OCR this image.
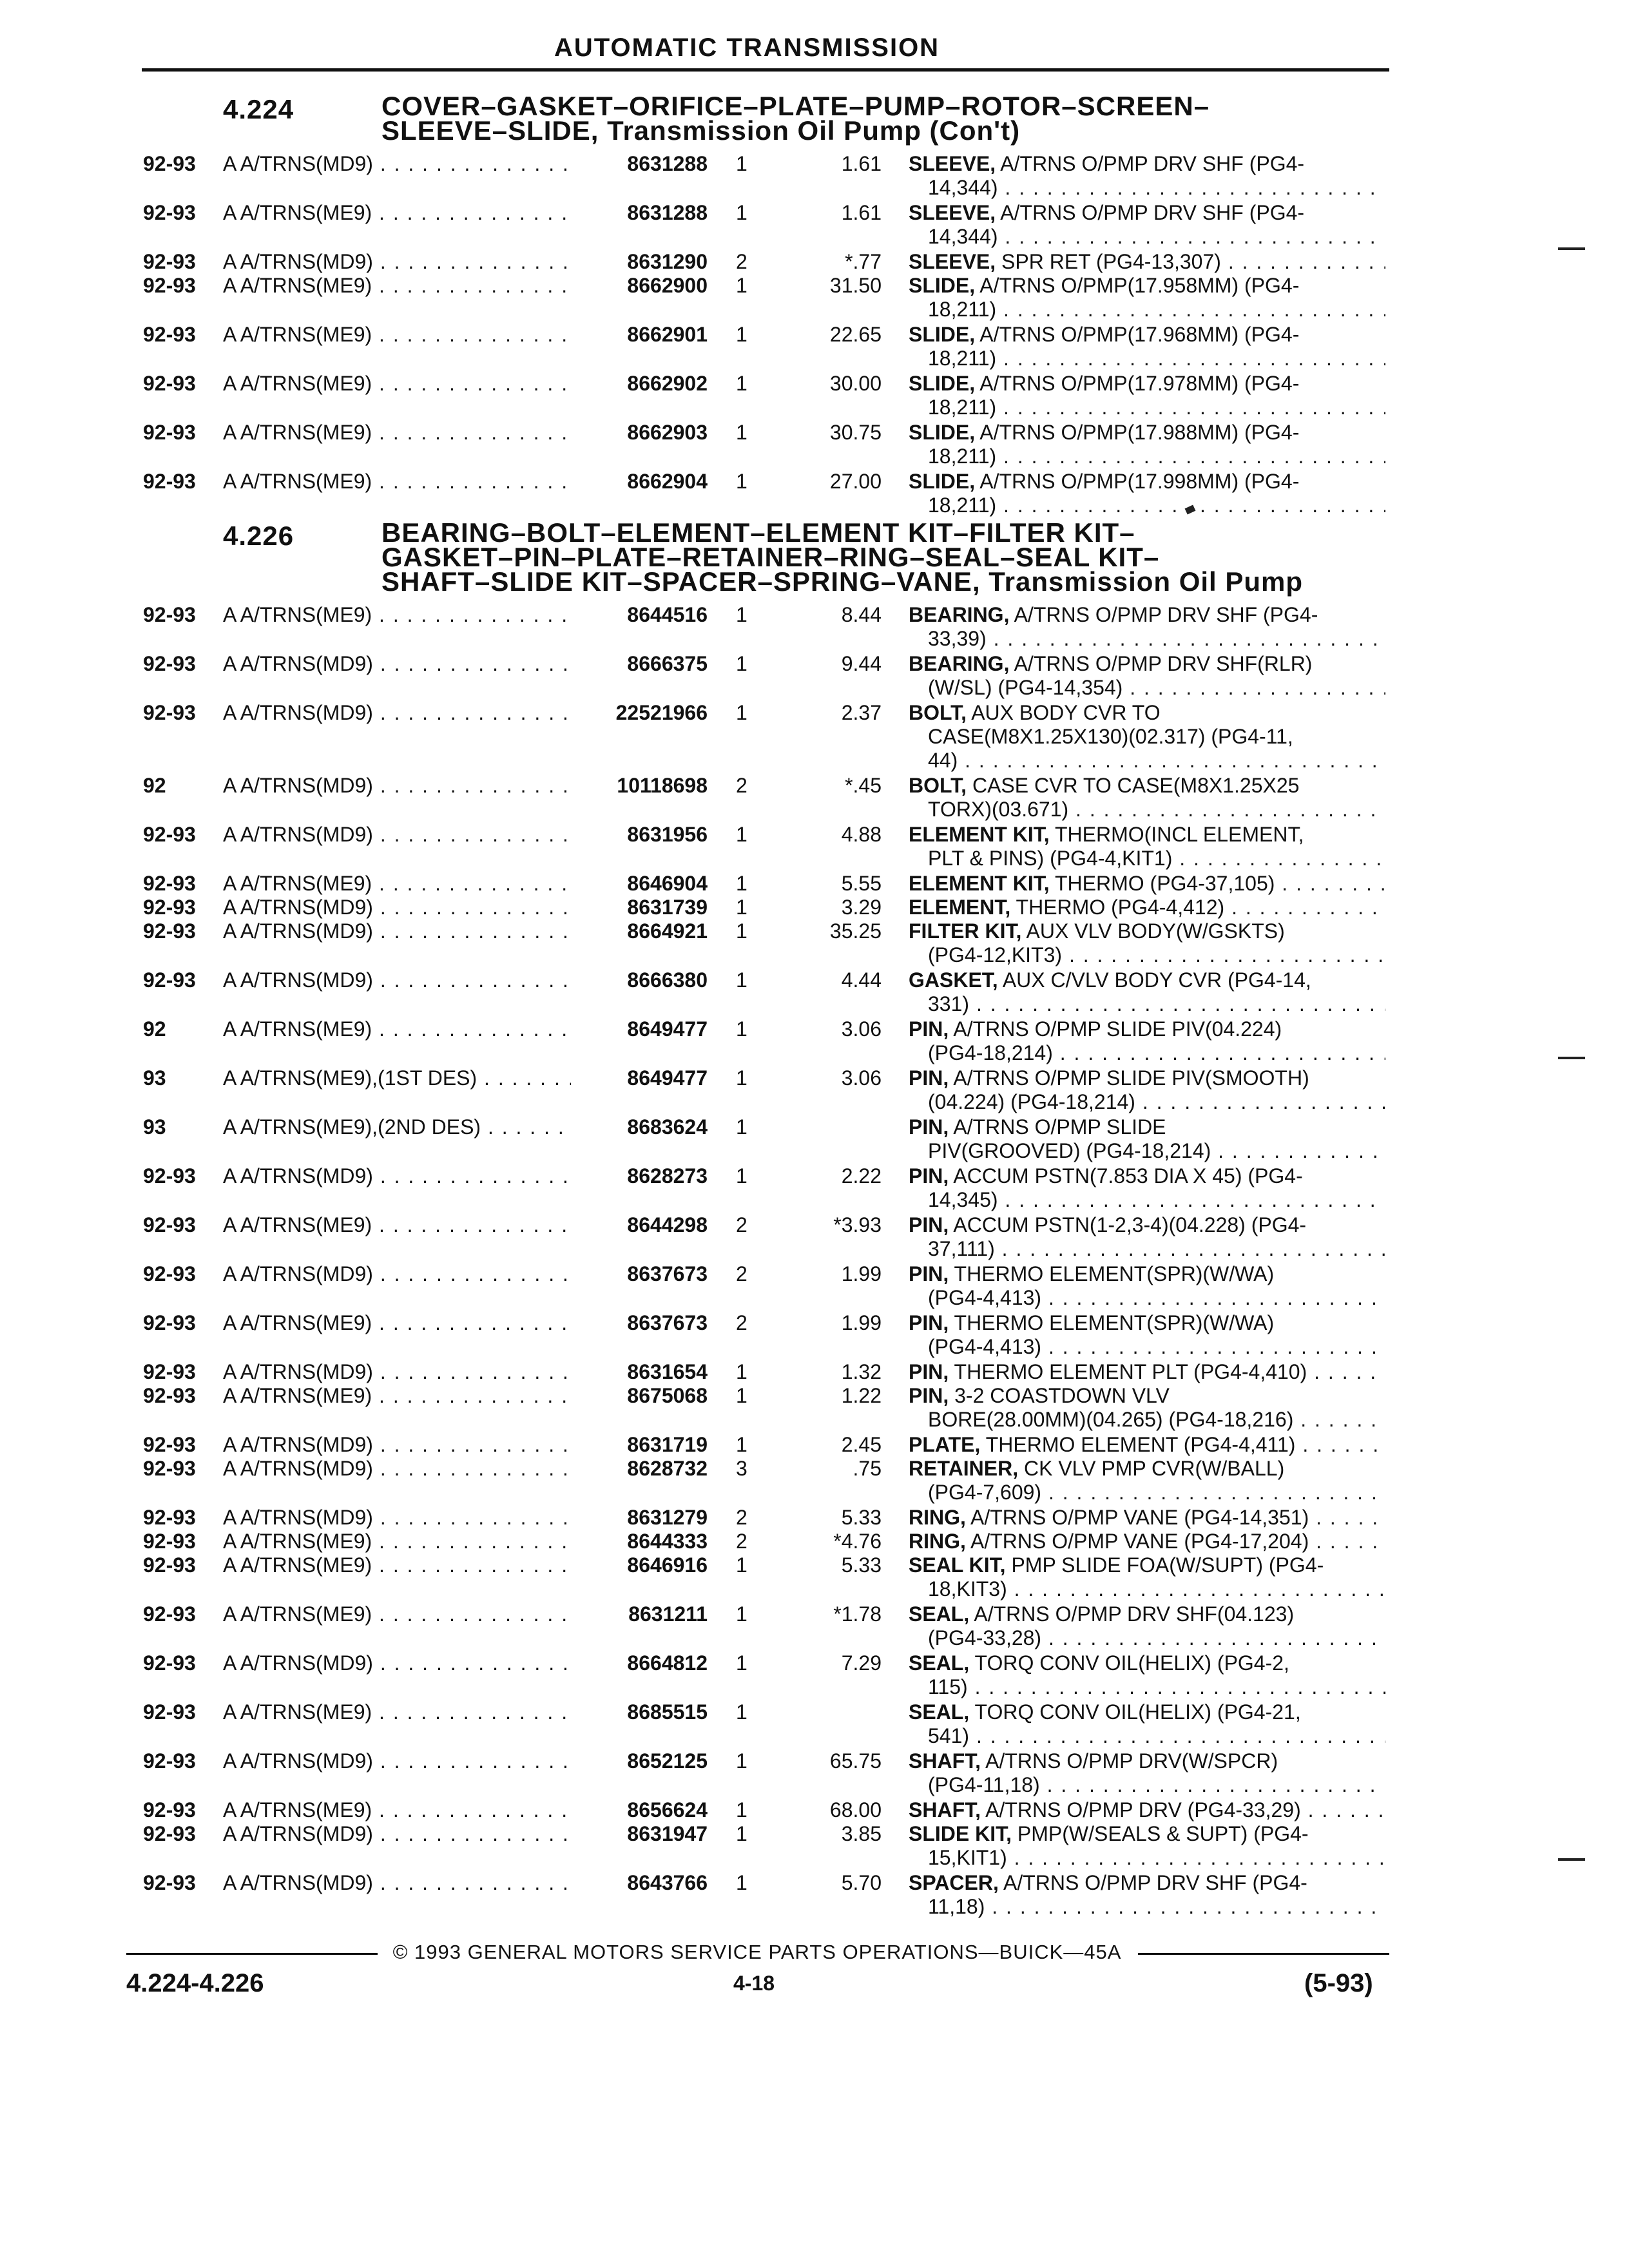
AUTOMATIC TRANSMISSION
4.224	COVER–GASKET–ORIFICE–PLATE–PUMP–ROTOR–SCREEN–
SLEEVE–SLIDE, Transmission Oil Pump (Con't)
92-93 A A/TRNS(MD9) . . .	8631288 1	1.61 SLEEVE, A/TRNS O/PMP DRV SHF (PG4-
14,344) . . .
92-93 A A/TRNS(ME9) . . .	8631288 1	1.61 SLEEVE, A/TRNS O/PMP DRV SHF (PG4-
14,344) . . .
92-93 A A/TRNS(MD9) . . .	8631290 2	*.77 SLEEVE, SPR RET (PG4-13,307) . . .
92-93 A A/TRNS(ME9) . . .	8662900 1	31.50 SLIDE, A/TRNS O/PMP(17.958MM) (PG4-
18,211) . . .
92-93 A A/TRNS(ME9) . . .	8662901 1	22.65 SLIDE, A/TRNS O/PMP(17.968MM) (PG4-
18,211) . . .
92-93 A A/TRNS(ME9) . . .	8662902 1	30.00 SLIDE, A/TRNS O/PMP(17.978MM) (PG4-
18,211) . . .
92-93 A A/TRNS(ME9) . . .	8662903 1	30.75 SLIDE, A/TRNS O/PMP(17.988MM) (PG4-
18,211) . . .
92-93 A A/TRNS(ME9) . . .	8662904 1	27.00 SLIDE, A/TRNS O/PMP(17.998MM) (PG4-
18,211) . . .
4.226	BEARING–BOLT–ELEMENT–ELEMENT KIT–FILTER KIT–
GASKET–PIN–PLATE–RETAINER–RING–SEAL–SEAL KIT–
SHAFT–SLIDE KIT–SPACER–SPRING–VANE, Transmission Oil Pump
92-93 A A/TRNS(ME9) . . .	8644516 1	8.44 BEARING, A/TRNS O/PMP DRV SHF (PG4-
33,39) . . .
92-93 A A/TRNS(MD9) . . .	8666375 1	9.44 BEARING, A/TRNS O/PMP DRV SHF(RLR)
(W/SL) (PG4-14,354) . . .
92-93 A A/TRNS(MD9) . . .	22521966 1	2.37 BOLT, AUX BODY CVR TO
CASE(M8X1.25X130)(02.317) (PG4-11,
44) . . .
92	A A/TRNS(MD9) . . .	10118698 2	*.45 BOLT, CASE CVR TO CASE(M8X1.25X25
TORX)(03.671) . . .
92-93 A A/TRNS(MD9) . . .	8631956 1	4.88 ELEMENT KIT, THERMO(INCL ELEMENT,
PLT & PINS) (PG4-4,KIT1) . . .
92-93 A A/TRNS(ME9) . . .	8646904 1	5.55 ELEMENT KIT, THERMO (PG4-37,105) . . .
92-93 A A/TRNS(MD9) . . .	8631739 1	3.29 ELEMENT, THERMO (PG4-4,412) . . .
92-93 A A/TRNS(MD9) . . .	8664921 1	35.25 FILTER KIT, AUX VLV BODY(W/GSKTS)
(PG4-12,KIT3) . . .
92-93 A A/TRNS(MD9) . . .	8666380 1	4.44 GASKET, AUX C/VLV BODY CVR (PG4-14,
331) . . .
92	A A/TRNS(ME9) . . .	8649477 1	3.06 PIN, A/TRNS O/PMP SLIDE PIV(04.224)
(PG4-18,214) . . .
93	A A/TRNS(ME9),(1ST DES) . . .	8649477 1	3.06 PIN, A/TRNS O/PMP SLIDE PIV(SMOOTH)
(04.224) (PG4-18,214) . . .
93	A A/TRNS(ME9),(2ND DES) . . .	8683624 1	PIN, A/TRNS O/PMP SLIDE
PIV(GROOVED) (PG4-18,214) . . .
92-93 A A/TRNS(MD9) . . .	8628273 1	2.22 PIN, ACCUM PSTN(7.853 DIA X 45) (PG4-
14,345) . . .
92-93 A A/TRNS(ME9) . . .	8644298 2	*3.93 PIN, ACCUM PSTN(1-2,3-4)(04.228) (PG4-
37,111) . . .
92-93 A A/TRNS(MD9) . . .	8637673 2	1.99 PIN, THERMO ELEMENT(SPR)(W/WA)
(PG4-4,413) . . .
92-93 A A/TRNS(ME9) . . .	8637673 2	1.99 PIN, THERMO ELEMENT(SPR)(W/WA)
(PG4-4,413) . . .
92-93 A A/TRNS(MD9) . . .	8631654 1	1.32 PIN, THERMO ELEMENT PLT (PG4-4,410) . . .
92-93 A A/TRNS(ME9) . . .	8675068 1	1.22 PIN, 3-2 COASTDOWN VLV
BORE(28.00MM)(04.265) (PG4-18,216) . . .
92-93 A A/TRNS(MD9) . . .	8631719 1	2.45 PLATE, THERMO ELEMENT (PG4-4,411) . . .
92-93 A A/TRNS(MD9) . . .	8628732 3	.75 RETAINER, CK VLV PMP CVR(W/BALL)
(PG4-7,609) . . .
92-93 A A/TRNS(MD9) . . .	8631279 2	5.33 RING, A/TRNS O/PMP VANE (PG4-14,351) . . .
92-93 A A/TRNS(ME9) . . .	8644333 2	*4.76 RING, A/TRNS O/PMP VANE (PG4-17,204) . . .
92-93 A A/TRNS(ME9) . . .	8646916 1	5.33 SEAL KIT, PMP SLIDE FOA(W/SUPT) (PG4-
18,KIT3) . . .
92-93 A A/TRNS(ME9) . . .	8631211 1	*1.78 SEAL, A/TRNS O/PMP DRV SHF(04.123)
(PG4-33,28) . . .
92-93 A A/TRNS(MD9) . . .	8664812 1	7.29 SEAL, TORQ CONV OIL(HELIX) (PG4-2,
115) . . .
92-93 A A/TRNS(ME9) . . .	8685515 1	SEAL, TORQ CONV OIL(HELIX) (PG4-21,
541) . . .
92-93 A A/TRNS(MD9) . . .	8652125 1	65.75 SHAFT, A/TRNS O/PMP DRV(W/SPCR)
(PG4-11,18) . . .
92-93 A A/TRNS(ME9) . . .	8656624 1	68.00 SHAFT, A/TRNS O/PMP DRV (PG4-33,29) . . .
92-93 A A/TRNS(MD9) . . .	8631947 1	3.85 SLIDE KIT, PMP(W/SEALS & SUPT) (PG4-
15,KIT1) . . .
92-93 A A/TRNS(MD9) . . .	8643766 1	5.70 SPACER, A/TRNS O/PMP DRV SHF (PG4-
11,18) . . .
© 1993 GENERAL MOTORS SERVICE PARTS OPERATIONS—BUICK—45A
4.224-4.226	4-18	(5-93)
